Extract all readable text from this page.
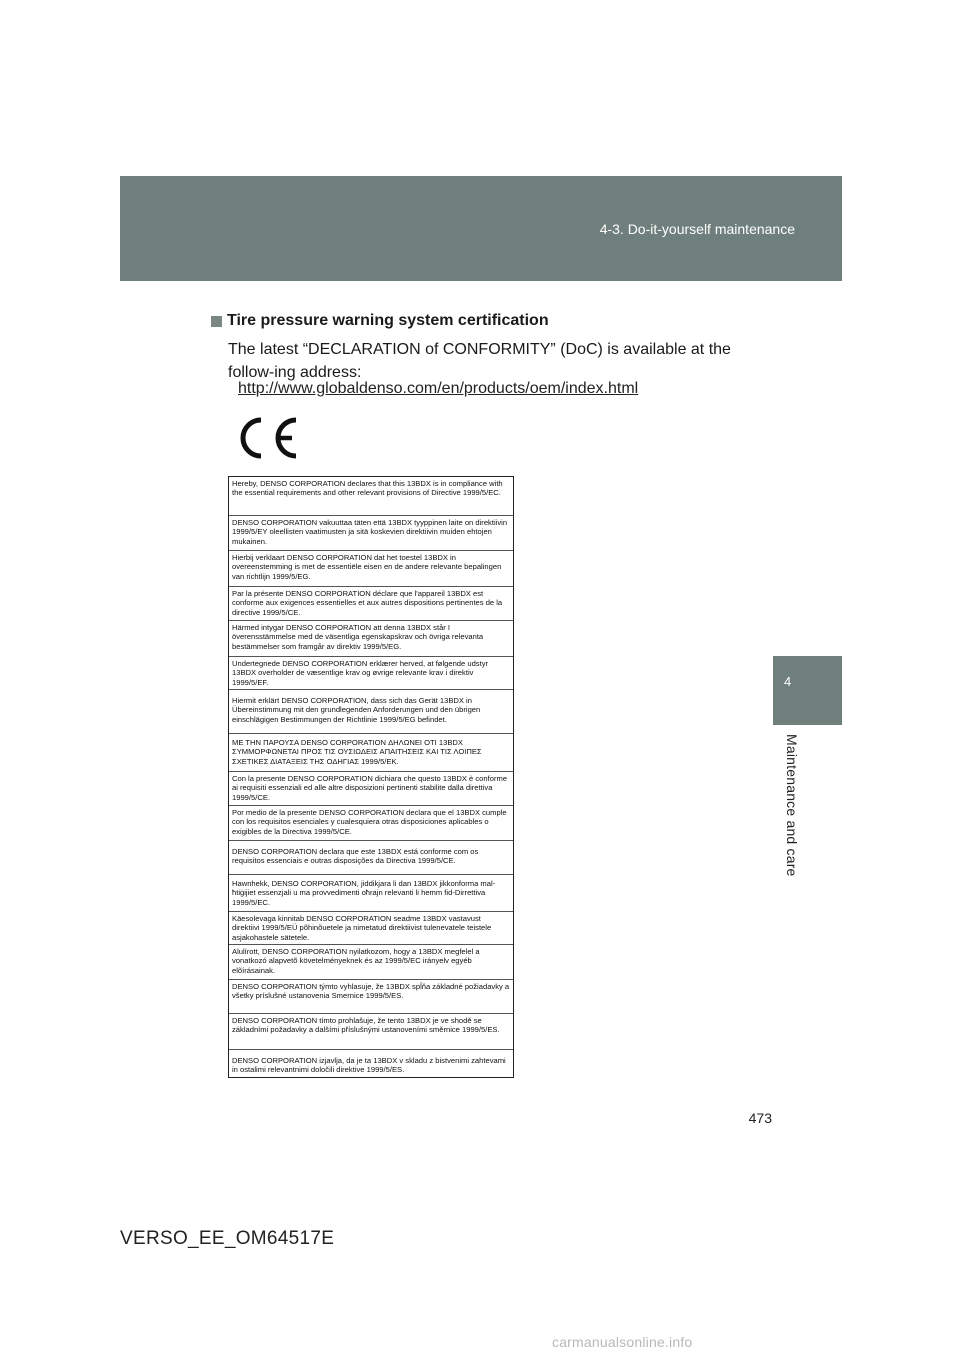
4-3. Do-it-yourself maintenance
4
Maintenance and care
Tire pressure warning system certification
The latest “DECLARATION of CONFORMITY” (DoC) is available at the follow-ing address:
http://www.globaldenso.com/en/products/oem/index.html
Hereby, DENSO CORPORATION declares that this 13BDX is in compliance with the essential requirements and other relevant provisions of Directive 1999/5/EC.
DENSO CORPORATION vakuuttaa täten että 13BDX tyyppinen laite on direktiivin 1999/5/EY oleellisten vaatimusten ja sitä koskevien direktiivin muiden ehtojen mukainen.
Hierbij verklaart DENSO CORPORATION dat het toestel 13BDX in overeenstemming is met de essentiële eisen en de andere relevante bepalingen van richtlijn 1999/5/EG.
Par la présente DENSO CORPORATION déclare que l'appareil 13BDX est conforme aux exigences essentielles et aux autres dispositions pertinentes de la directive 1999/5/CE.
Härmed intygar DENSO CORPORATION att denna 13BDX står I överensstämmelse med de väsentliga egenskapskrav och övriga relevanta bestämmelser som framgår av direktiv 1999/5/EG.
Undertegnede DENSO CORPORATION erklærer herved, at følgende udstyr 13BDX overholder de væsentlige krav og øvrige relevante krav i direktiv 1999/5/EF.
Hiermit erklärt DENSO CORPORATION, dass sich das Gerät 13BDX in Übereinstimmung mit den grundlegenden Anforderungen und den übrigen einschlägigen Bestimmungen der Richtlinie 1999/5/EG befindet.
ΜΕ ΤΗΝ ΠΑΡΟΥΣΑ DENSO CORPORATION ΔΗΛΩΝΕΙ ΟΤΙ 13BDX ΣΥΜΜΟΡΦΩΝΕΤΑΙ ΠΡΟΣ ΤΙΣ ΟΥΣΙΩΔΕΙΣ ΑΠΑΙΤΗΣΕΙΣ ΚΑΙ ΤΙΣ ΛΟΙΠΕΣ ΣΧΕΤΙΚΕΣ ΔΙΑΤΑΞΕΙΣ ΤΗΣ ΟΔΗΓΙΑΣ 1999/5/ΕΚ.
Con la presente DENSO CORPORATION dichiara che questo 13BDX è conforme ai requisiti essenziali ed alle altre disposizioni pertinenti stabilite dalla direttiva 1999/5/CE.
Por medio de la presente DENSO CORPORATION declara que el 13BDX cumple con los requisitos esenciales y cualesquiera otras disposiciones aplicables o exigibles de la Directiva 1999/5/CE.
DENSO CORPORATION declara que este 13BDX está conforme com os requisitos essenciais e outras disposições da Directiva 1999/5/CE.
Hawnhekk, DENSO CORPORATION, jiddikjara li dan 13BDX jikkonforma mal-ħtiġijiet essenzjali u ma provvedimenti oħrajn relevanti li hemm fid-Dirrettiva 1999/5/EC.
Käesolevaga kinnitab DENSO CORPORATION seadme 13BDX vastavust direktiivi 1999/5/EÜ põhinõuetele ja nimetatud direktiivist tulenevatele teistele asjakohastele sätetele.
Alulírott, DENSO CORPORATION nyilatkozom, hogy a 13BDX megfelel a vonatkozó alapvetõ követelményeknek és az 1999/5/EC irányelv egyéb elõírásainak.
DENSO CORPORATION týmto vyhlasuje, že 13BDX spĺňa základné požiadavky a všetky príslušné ustanovenia Smernice 1999/5/ES.
DENSO CORPORATION tímto prohlašuje, že tento 13BDX je ve shodě se základními požadavky a dalšími příslušnými ustanoveními směrnice 1999/5/ES.
DENSO CORPORATION izjavlja, da je ta 13BDX v skladu z bistvenimi zahtevami in ostalimi relevantnimi določili direktive 1999/5/ES.
473
VERSO_EE_OM64517E
carmanualsonline.info
